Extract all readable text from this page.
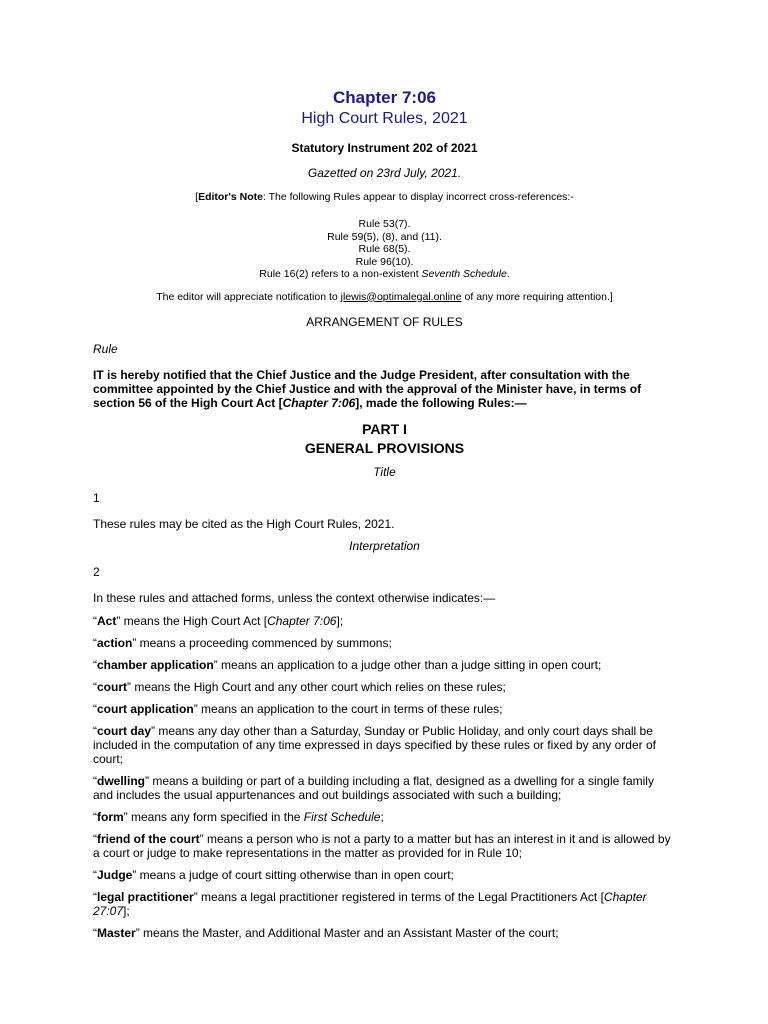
Chapter 7:06
High Court Rules, 2021
Statutory Instrument 202 of 2021
Gazetted on 23rd July, 2021.
[Editor's Note: The following Rules appear to display incorrect cross-references:-
Rule 53(7).
Rule 59(5), (8), and (11).
Rule 68(5).
Rule 96(10).
Rule 16(2) refers to a non-existent Seventh Schedule.
The editor will appreciate notification to jlewis@optimalegal.online of any more requiring attention.]
ARRANGEMENT OF RULES
Rule
IT is hereby notified that the Chief Justice and the Judge President, after consultation with the committee appointed by the Chief Justice and with the approval of the Minister have, in terms of section 56 of the High Court Act [Chapter 7:06], made the following Rules:—
PART I
GENERAL PROVISIONS
Title
1
These rules may be cited as the High Court Rules, 2021.
Interpretation
2
In these rules and attached forms, unless the context otherwise indicates:—
“Act” means the High Court Act [Chapter 7:06];
“action” means a proceeding commenced by summons;
“chamber application” means an application to a judge other than a judge sitting in open court;
“court” means the High Court and any other court which relies on these rules;
“court application” means an application to the court in terms of these rules;
“court day” means any day other than a Saturday, Sunday or Public Holiday, and only court days shall be included in the computation of any time expressed in days specified by these rules or fixed by any order of court;
“dwelling” means a building or part of a building including a flat, designed as a dwelling for a single family and includes the usual appurtenances and out buildings associated with such a building;
“form” means any form specified in the First Schedule;
“friend of the court” means a person who is not a party to a matter but has an interest in it and is allowed by a court or judge to make representations in the matter as provided for in Rule 10;
“Judge” means a judge of court sitting otherwise than in open court;
“legal practitioner” means a legal practitioner registered in terms of the Legal Practitioners Act [Chapter 27:07];
“Master” means the Master, and Additional Master and an Assistant Master of the court;
